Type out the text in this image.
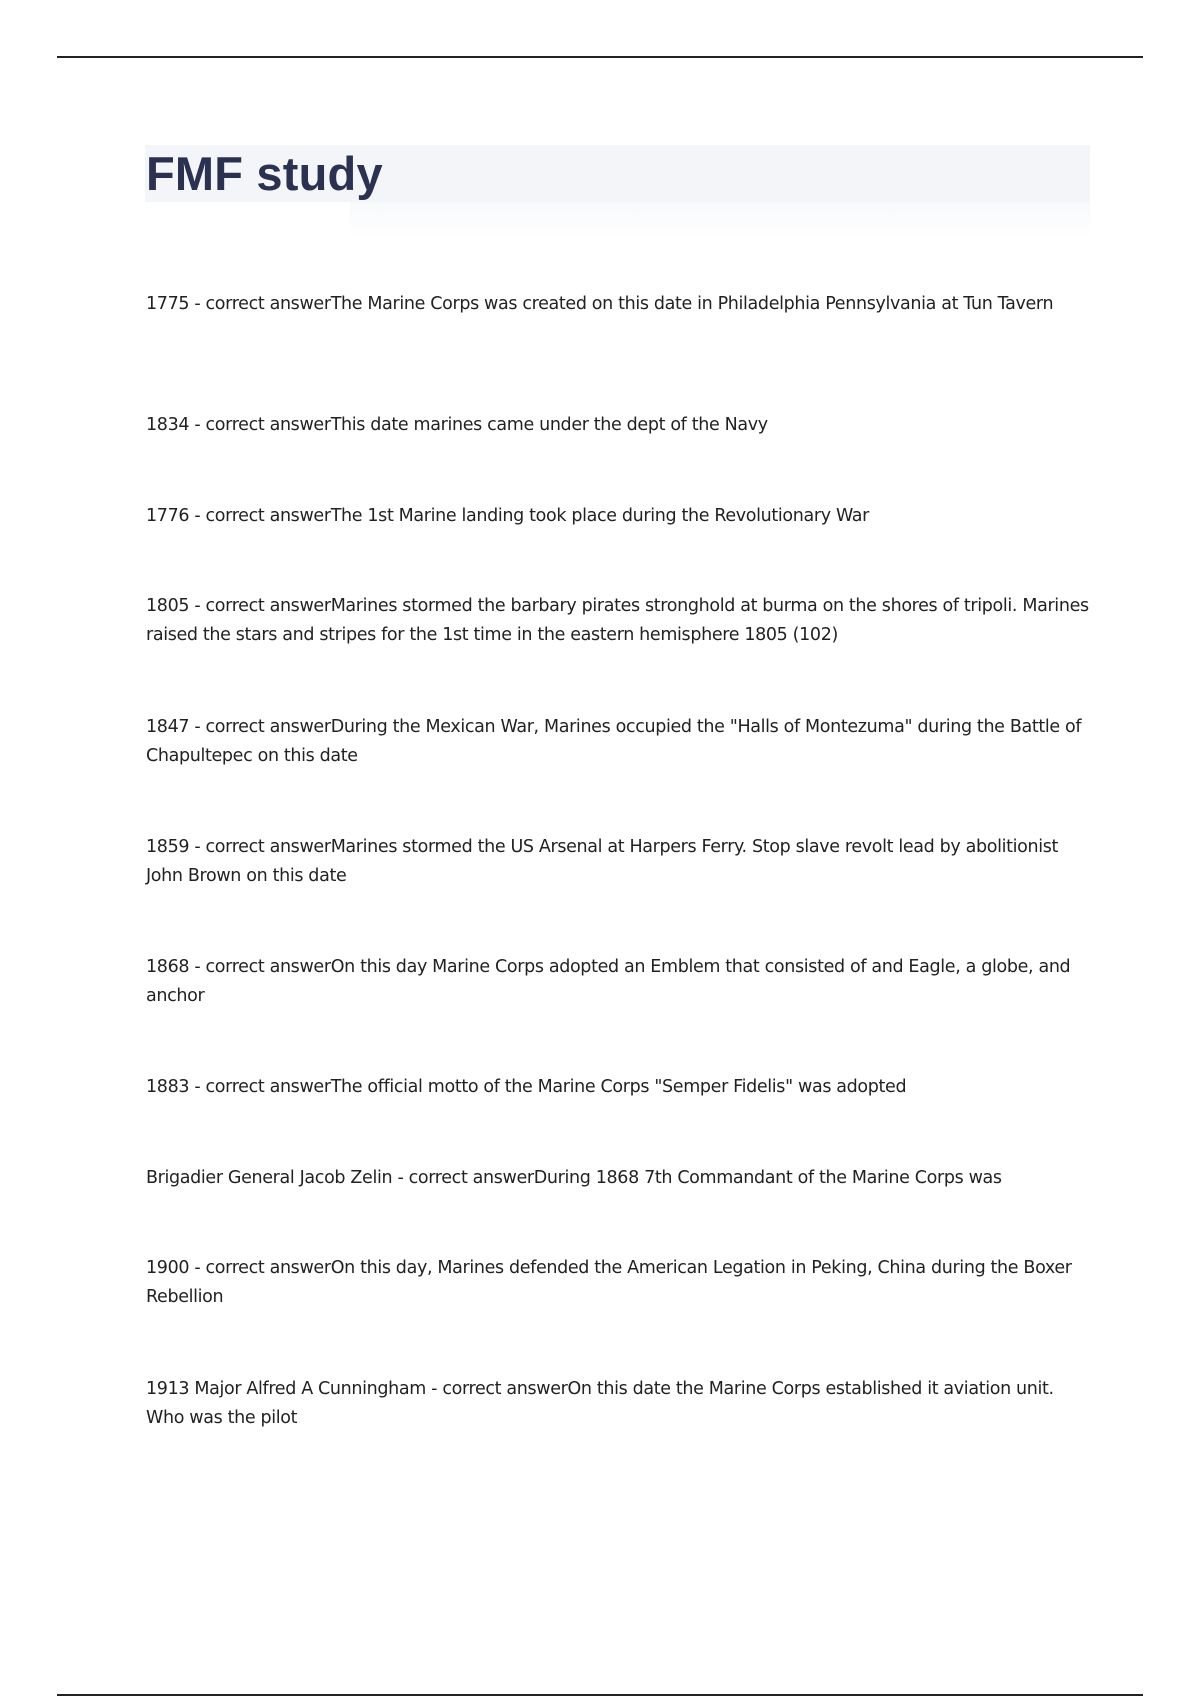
FMF study
1775 - correct answerThe Marine Corps was created on this date in Philadelphia Pennsylvania at Tun Tavern
1834 - correct answerThis date marines came under the dept of the Navy
1776 - correct answerThe 1st Marine landing took place during the Revolutionary War
1805 - correct answerMarines stormed the barbary pirates stronghold at burma on the shores of tripoli. Marines raised the stars and stripes for the 1st time in the eastern hemisphere 1805 (102)
1847 - correct answerDuring the Mexican War, Marines occupied the "Halls of Montezuma" during the Battle of Chapultepec on this date
1859 - correct answerMarines stormed the US Arsenal at Harpers Ferry. Stop slave revolt lead by abolitionist John Brown on this date
1868 - correct answerOn this day Marine Corps adopted an Emblem that consisted of and Eagle, a globe, and anchor
1883 - correct answerThe official motto of the Marine Corps "Semper Fidelis" was adopted
Brigadier General Jacob Zelin - correct answerDuring 1868 7th Commandant of the Marine Corps was
1900 - correct answerOn this day, Marines defended the American Legation in Peking, China during the Boxer Rebellion
1913 Major Alfred A Cunningham - correct answerOn this date the Marine Corps established it aviation unit. Who was the pilot
